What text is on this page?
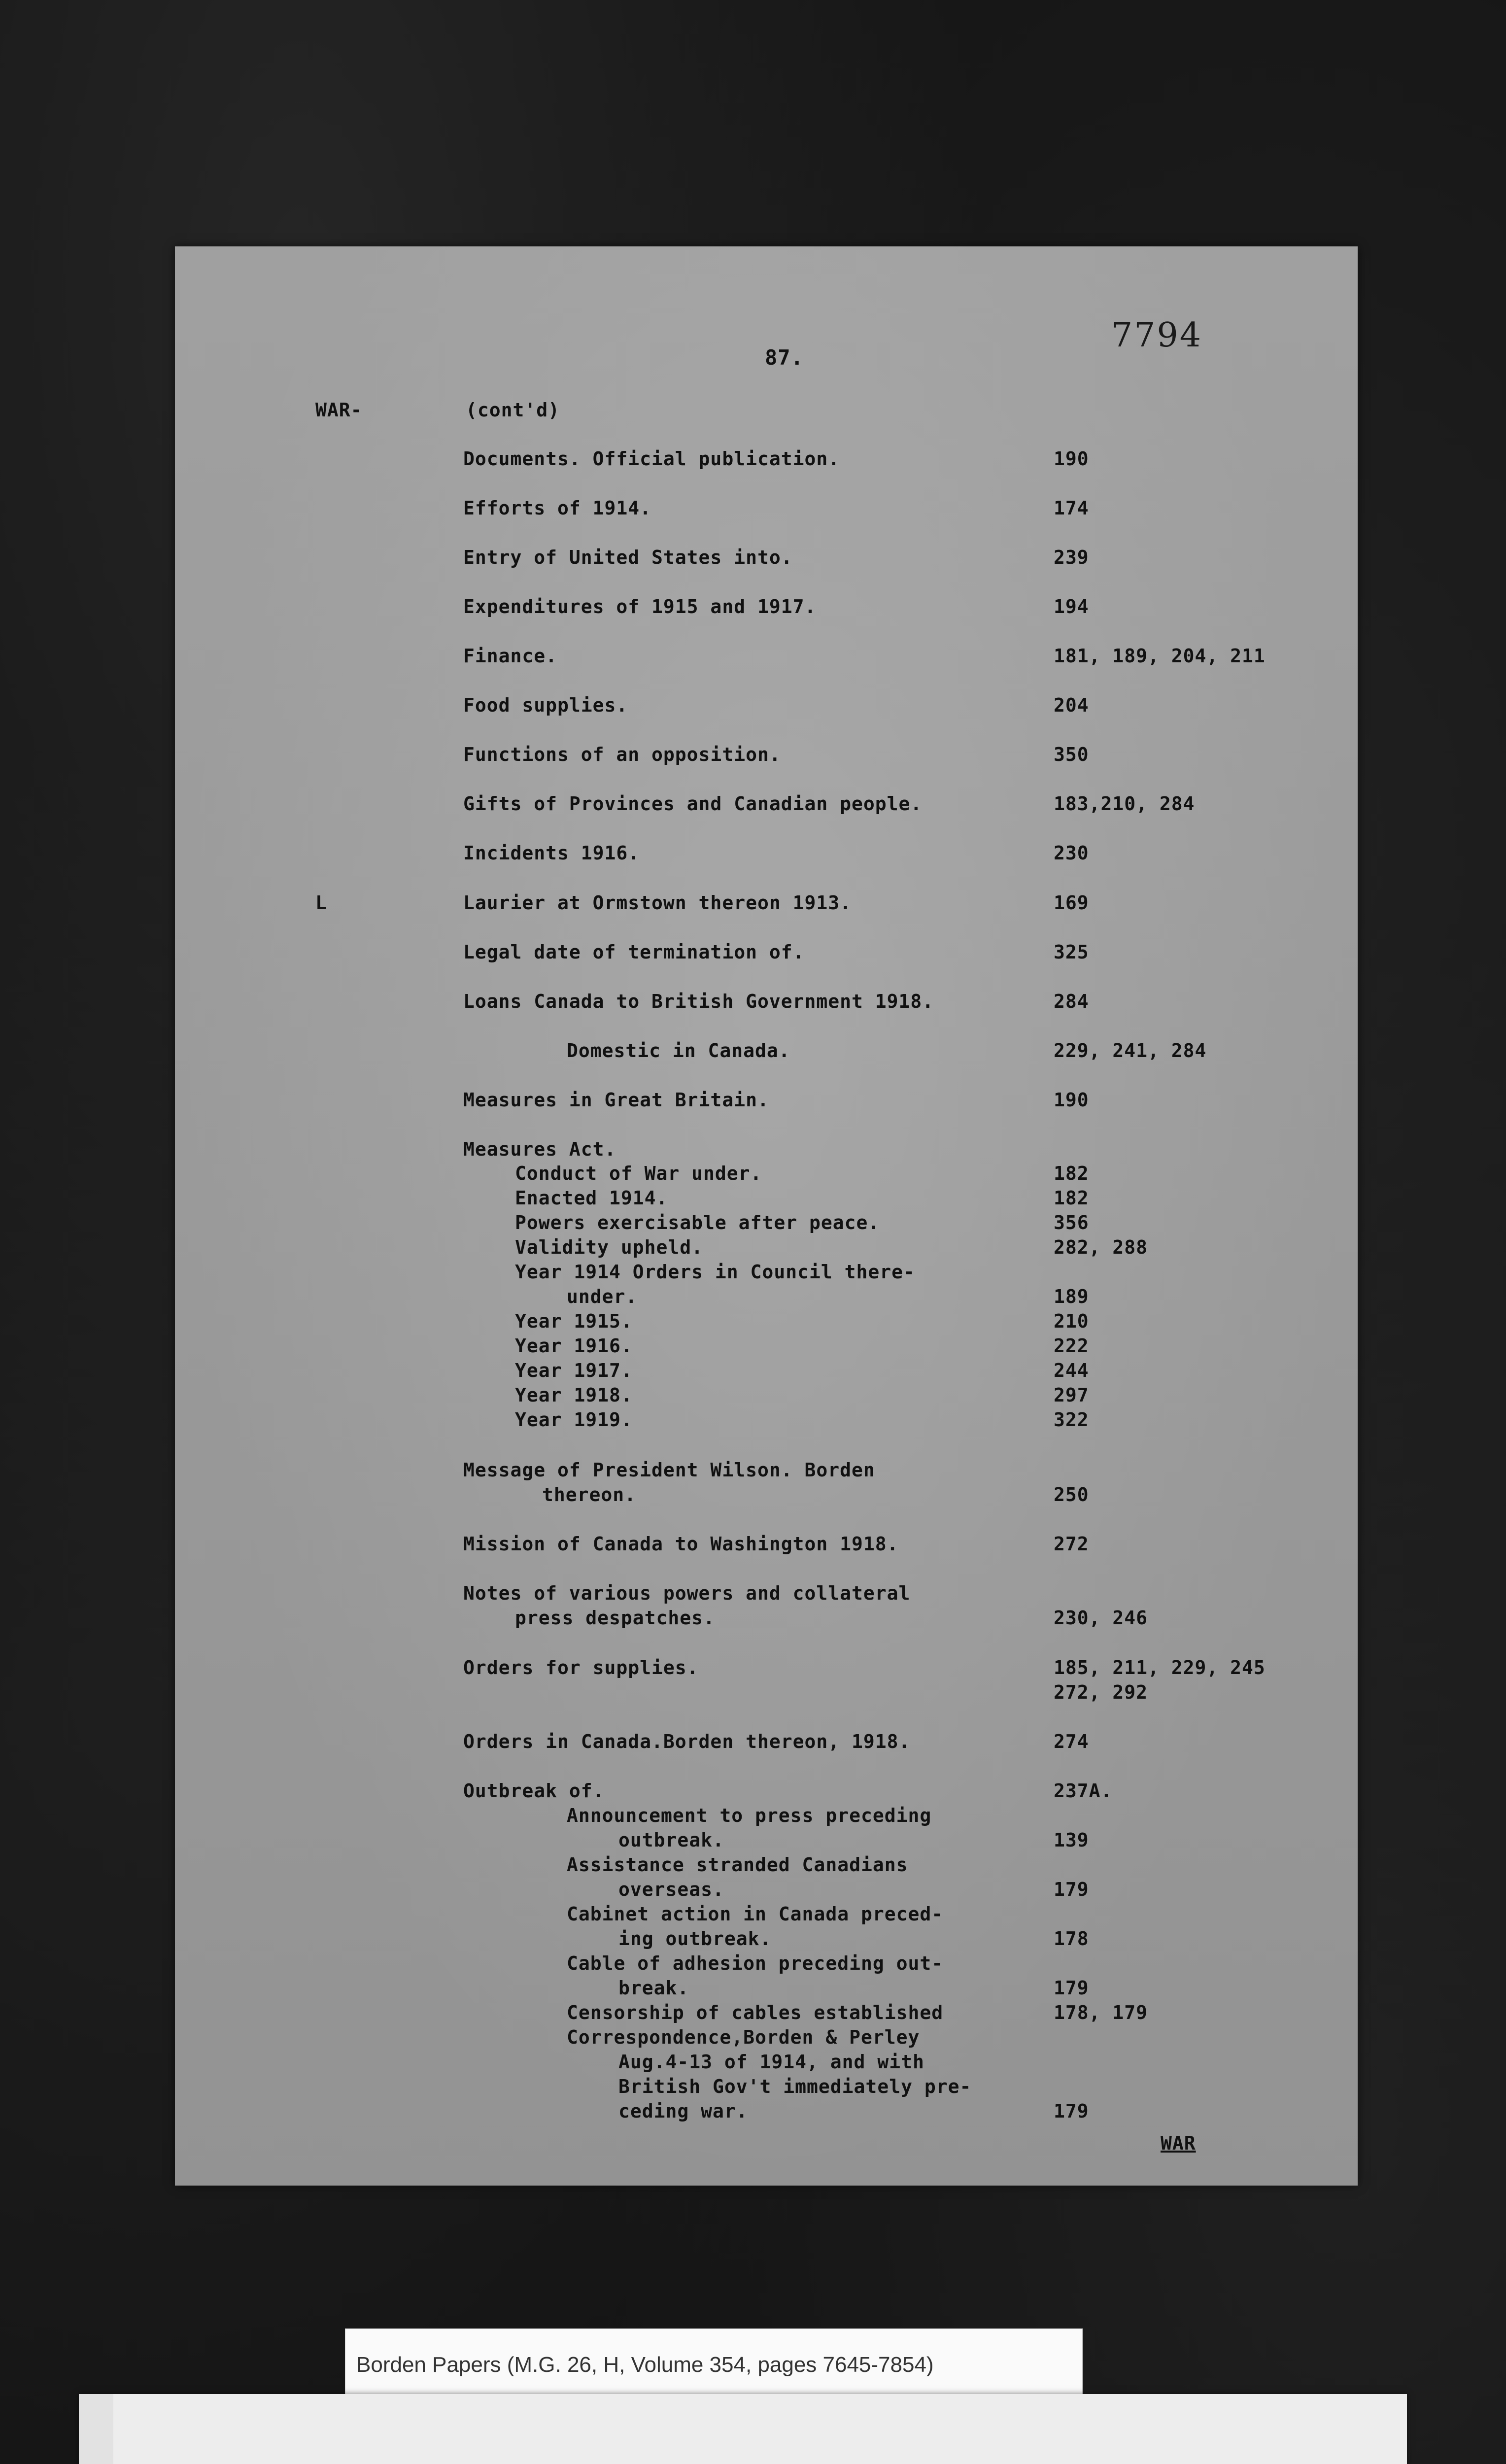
7794
87.
WAR-	(cont'd)
L
Documents. Official publication.	190
Efforts of 1914.	174
Entry of United States into.	239
Expenditures of 1915 and 1917.	194
Finance.	181, 189, 204, 211
Food supplies.	204
Functions of an opposition.	350
Gifts of Provinces and Canadian people.	183,210, 284
Incidents 1916.	230
Laurier at Ormstown thereon 1913.	169
Legal date of termination of.	325
Loans Canada to British Government 1918.	284
Domestic in Canada.	229, 241, 284
Measures in Great Britain.	190
Measures Act.
Conduct of War under.	182
Enacted 1914.	182
Powers exercisable after peace.	356
Validity upheld.	282, 288
Year 1914 Orders in Council there-
under.	189
Year 1915.	210
Year 1916.	222
Year 1917.	244
Year 1918.	297
Year 1919.	322
Message of President Wilson. Borden
thereon.	250
Mission of Canada to Washington 1918.	272
Notes of various powers and collateral
press despatches.	230, 246
Orders for supplies.	185, 211, 229, 245
272, 292
Orders in Canada.Borden thereon, 1918.	274
Outbreak of.	237A.
Announcement to press preceding
outbreak.	139
Assistance stranded Canadians
overseas.	179
Cabinet action in Canada preced-
ing outbreak.	178
Cable of adhesion preceding out-
break.	179
Censorship of cables established	178, 179
Correspondence,Borden & Perley
Aug.4-13 of 1914, and with
British Gov't immediately pre-
ceding war.	179
WAR
Borden Papers (M.G. 26, H, Volume 354, pages 7645-7854)
